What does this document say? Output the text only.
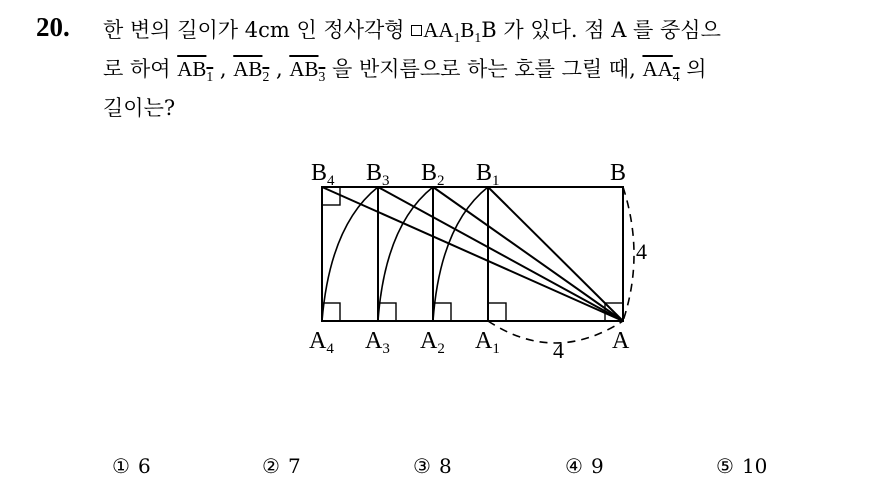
20. 한 변의 길이가 4cm 인 정사각형 $AA_1B_1B$ 가 있다. 점 A 를 중심으
로 하여 $AB_1$ , $AB_2$ , $AB_3$ 을 반지름으로 하는 호를 그릴 때, $AA_4$ 의
길이는?
$B_4$ $B_3$ $B_2$ $B_1$	B
$A_4$ $A_3$ $A_2$ $A_1$	A
4
4
① 6	② 7	③ 8	④ 9	⑤ 10
